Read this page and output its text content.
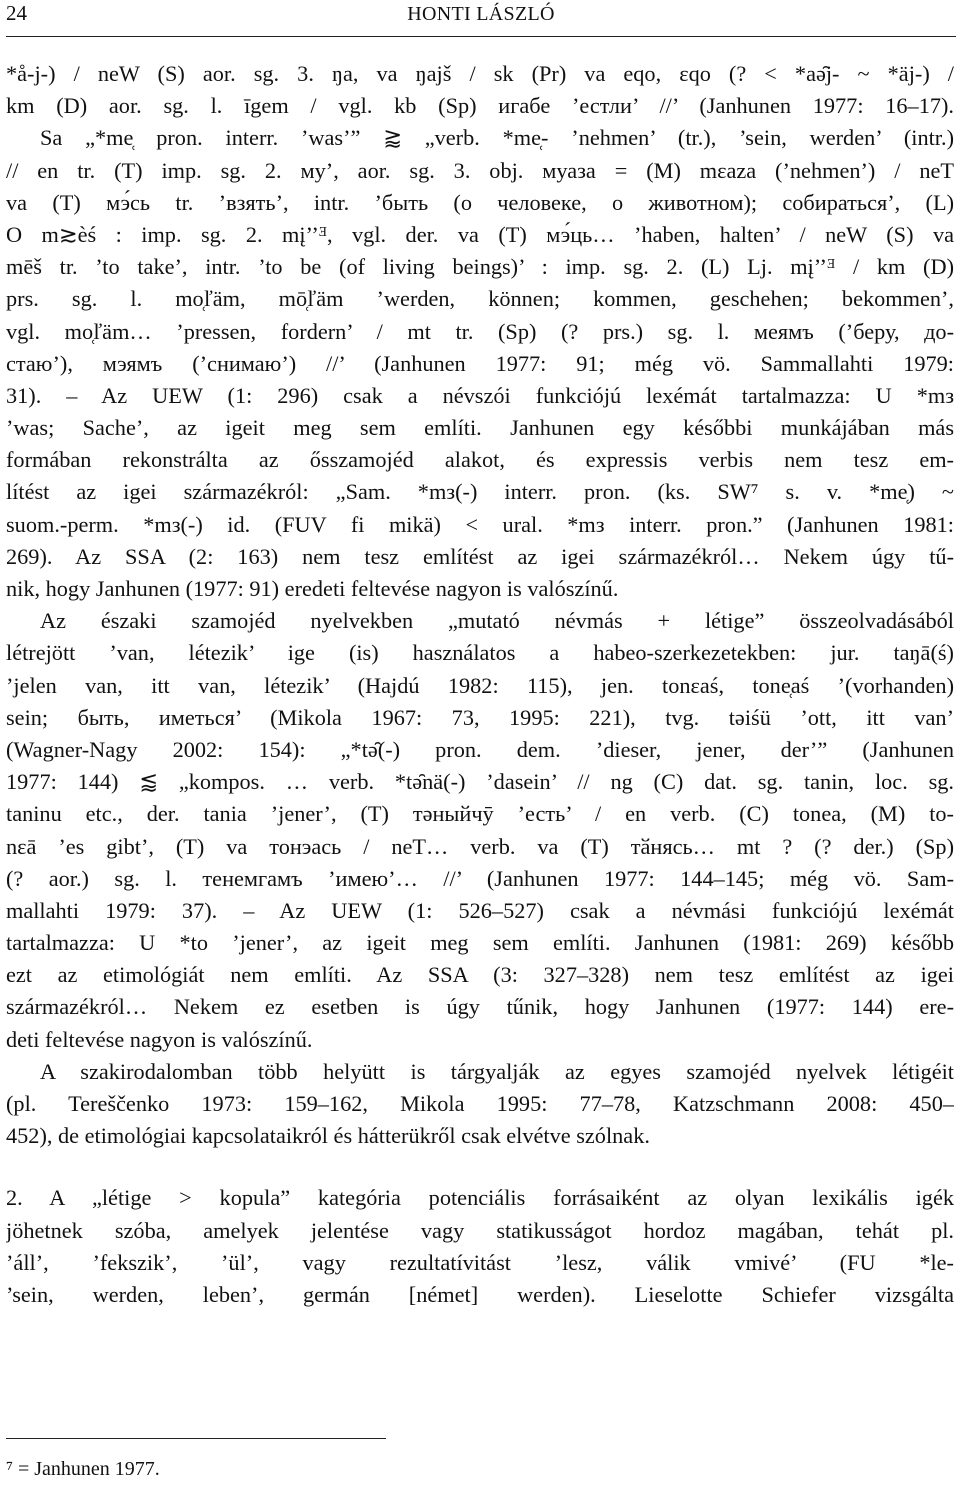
24	HONTI LÁSZLÓ
*å-j-) / neW (S) aor. sg. 3. ŋa, va ŋajš / sk (Pr) va eqo, εqo (? < *aə̑j- ~ *äj-) /
km (D) aor. sg. l. īgem / vgl. kb (Sp) игабе ’естли’ //’ (Janhunen 1977: 16–17).
Sa „*me̜ pron. interr. ’was’” ⪆ „verb. *me̜- ’nehmen’ (tr.), ’sein, werden’ (intr.)
// en tr. (T) imp. sg. 2. му’, aor. sg. 3. obj. муаза = (M) mεaza (’nehmen’) / neT
va (T) мэ́сь tr. ’взять’, intr. ’быть (о человеке, о животном); собираться’, (L)
O m≳ѐś : imp. sg. 2. mį’’ᴲ, vgl. der. va (T) мэ́ць… ’haben, halten’ / neW (S) va
mēš tr. ’to take’, intr. ’to be (of living beings)’ : imp. sg. 2. (L) Lj. mį’’ᴲ / km (D)
prs. sg. l. mo̜ľäm, mō̜ľäm ’werden, können; kommen, geschehen; bekommen’,
vgl. mo̜ľäm… ’pressen, fordern’ / mt tr. (Sp) (? prs.) sg. l. меямъ (’беру, до-
стаю’), мэямъ (’снимаю’) //’ (Janhunen 1977: 91; még vö. Sammallahti 1979:
31). – Az UEW (1: 296) csak a névszói funkciójú lexémát tartalmazza: U *mз
’was; Sache’, az igeit meg sem említi. Janhunen egy későbbi munkájában más
formában rekonstrálta az ősszamojéd alakot, és expressis verbis nem tesz em-
lítést az igei származékról: „Sam. *mз(-) interr. pron. (ks. SW⁷ s. v. *me̜) ~
suom.-perm. *mз(-) id. (FUV fi mikä) < ural. *mз interr. pron.” (Janhunen 1981:
269). Az SSA (2: 163) nem tesz említést az igei származékról… Nekem úgy tű-
nik, hogy Janhunen (1977: 91) eredeti feltevése nagyon is valószínű.
Az északi szamojéd nyelvekben „mutató névmás + létige” összeolvadásából
létrejött ’van, létezik’ ige (is) használatos a habeo-szerkezetekben: jur. taŋā(ś)
’jelen van, itt van, létezik’ (Hajdú 1982: 115), jen. tonεaś, tone̜aś ’(vorhanden)
sein; быть, иметься’ (Mikola 1967: 73, 1995: 221), tvg. təiśü ’ott, itt van’
(Wagner-Nagy 2002: 154): „*tə̑(-) pron. dem. ’dieser, jener, der’” (Janhunen
1977: 144) ⪅ „kompos. … verb. *tə̑nä(-) ’dasein’ // ng (C) dat. sg. tanin, loc. sg.
taninu etc., der. tania ’jener’, (T) тәныйчӯ ’есть’ / en verb. (C) tonea, (M) to-
nεā ’es gibt’, (T) va тонэась / neT… verb. va (T) тӑнясь… mt ? (? der.) (Sp)
(? aor.) sg. l. тенемгамъ ’имею’… //’ (Janhunen 1977: 144–145; még vö. Sam-
mallahti 1979: 37). – Az UEW (1: 526–527) csak a névmási funkciójú lexémát
tartalmazza: U *to ’jener’, az igeit meg sem említi. Janhunen (1981: 269) később
ezt az etimológiát nem említi. Az SSA (3: 327–328) nem tesz említést az igei
származékról… Nekem ez esetben is úgy tűnik, hogy Janhunen (1977: 144) ere-
deti feltevése nagyon is valószínű.
A szakirodalomban több helyütt is tárgyalják az egyes szamojéd nyelvek létigéit
(pl. Tereščenko 1973: 159–162, Mikola 1995: 77–78, Katzschmann 2008: 450–
452), de etimológiai kapcsolataikról és hátterükről csak elvétve szólnak.
2. A „létige > kopula” kategória potenciális forrásaiként az olyan lexikális igék
jöhetnek szóba, amelyek jelentése vagy statikusságot hordoz magában, tehát pl.
’áll’, ’fekszik’, ’ül’, vagy rezultatívitást ’lesz, válik vmivé’ (FU *le-
’sein, werden, leben’, germán [német] werden). Lieselotte Schiefer vizsgálta
⁷ = Janhunen 1977.
